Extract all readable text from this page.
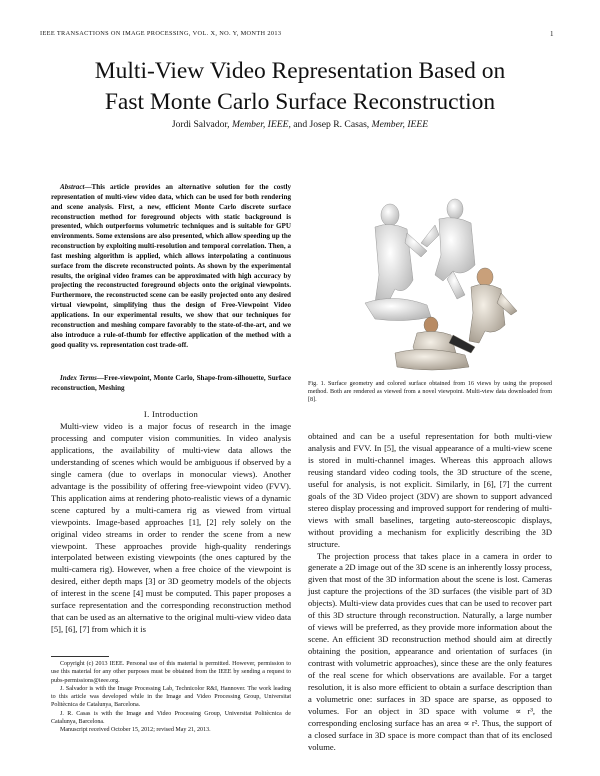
IEEE TRANSACTIONS ON IMAGE PROCESSING, VOL. X, NO. Y, MONTH 2013	1
Multi-View Video Representation Based on
Fast Monte Carlo Surface Reconstruction
Jordi Salvador, Member, IEEE, and Josep R. Casas, Member, IEEE
Abstract—This article provides an alternative solution for the costly representation of multi-view video data, which can be used for both rendering and scene analysis. First, a new, efficient Monte Carlo discrete surface reconstruction method for foreground objects with static background is presented, which outperforms volumetric techniques and is suitable for GPU environments. Some extensions are also presented, which allow speeding up the reconstruction by exploiting multi-resolution and temporal correlation. Then, a fast meshing algorithm is applied, which allows interpolating a continuous surface from the discrete reconstructed points. As shown by the experimental results, the original video frames can be approximated with high accuracy by projecting the reconstructed foreground objects onto the original viewpoints. Furthermore, the reconstructed scene can be easily projected onto any desired virtual viewpoint, simplifying thus the design of Free-Viewpoint Video applications. In our experimental results, we show that our techniques for reconstruction and meshing compare favorably to the state-of-the-art, and we also introduce a rule-of-thumb for effective application of the method with a good quality vs. representation cost trade-off.
Index Terms—Free-viewpoint, Monte Carlo, Shape-from-silhouette, Surface reconstruction, Meshing
I. Introduction

Multi-view video is a major focus of research in the image processing and computer vision communities. In video analysis applications, the availability of multi-view data allows the understanding of scenes which would be ambiguous if observed by a single camera (due to overlaps in monocular views). Another advantage is the possibility of offering free-viewpoint video (FVV). This application aims at rendering photo-realistic views of a dynamic scene captured by a multi-camera rig as viewed from virtual viewpoints. Image-based approaches [1], [2] rely solely on the original video streams in order to render the scene from a new viewpoint. These approaches provide high-quality renderings interpolated between existing viewpoints (the ones captured by the multi-camera rig). However, when a free choice of the viewpoint is desired, either depth maps [3] or 3D geometry models of the objects of interest in the scene [4] must be computed. This paper proposes a surface representation and the corresponding reconstruction method that can be used as an alternative to the original multi-view video data [5], [6], [7] from which it is

Copyright (c) 2013 IEEE. Personal use of this material is permitted. However, permission to use this material for any other purposes must be obtained from the IEEE by sending a request to pubs-permissions@ieee.org.

J. Salvador is with the Image Processing Lab, Technicolor R&I, Hannover. The work leading to this article was developed while in the Image and Video Processing Group, Universitat Politècnica de Catalunya, Barcelona.

J. R. Casas is with the Image and Video Processing Group, Universitat Politècnica de Catalunya, Barcelona.

Manuscript received October 15, 2012; revised May 21, 2013.

Fig. 1. Surface geometry and colored surface obtained from 16 views by using the proposed method. Both are rendered as viewed from a novel viewpoint. Multi-view data downloaded from [8].

obtained and can be a useful representation for both multi-view analysis and FVV. In [5], the visual appearance of a multi-view scene is stored in multi-channel images. Whereas this approach allows reusing standard video coding tools, the 3D structure of the scene, useful for analysis, is not explicit. Similarly, in [6], [7] the current goals of the 3D Video project (3DV) are shown to support advanced stereo display processing and improved support for rendering of multi-views with small baselines, targeting auto-stereoscopic displays, without providing a mechanism for explicitly describing the 3D structure.

The projection process that takes place in a camera in order to generate a 2D image out of the 3D scene is an inherently lossy process, given that most of the 3D information about the scene is lost. Cameras just capture the projections of the 3D surfaces (the visible part of 3D objects). Multi-view data provides cues that can be used to recover part of this 3D structure through reconstruction. Naturally, a large number of views will be preferred, as they provide more information about the scene. An efficient 3D reconstruction method should aim at directly obtaining the position, appearance and orientation of surfaces (in contrast with volumetric approaches), since these are the only features of the real scene for which observations are available. For a target resolution, it is also more efficient to obtain a surface description than a volumetric one: surfaces in 3D space are sparse, as opposed to volumes. For an object in 3D space with volume ∝ r³, the corresponding enclosing surface has an area ∝ r². Thus, the support of a closed surface in 3D space is more compact than that of its enclosed volume.
